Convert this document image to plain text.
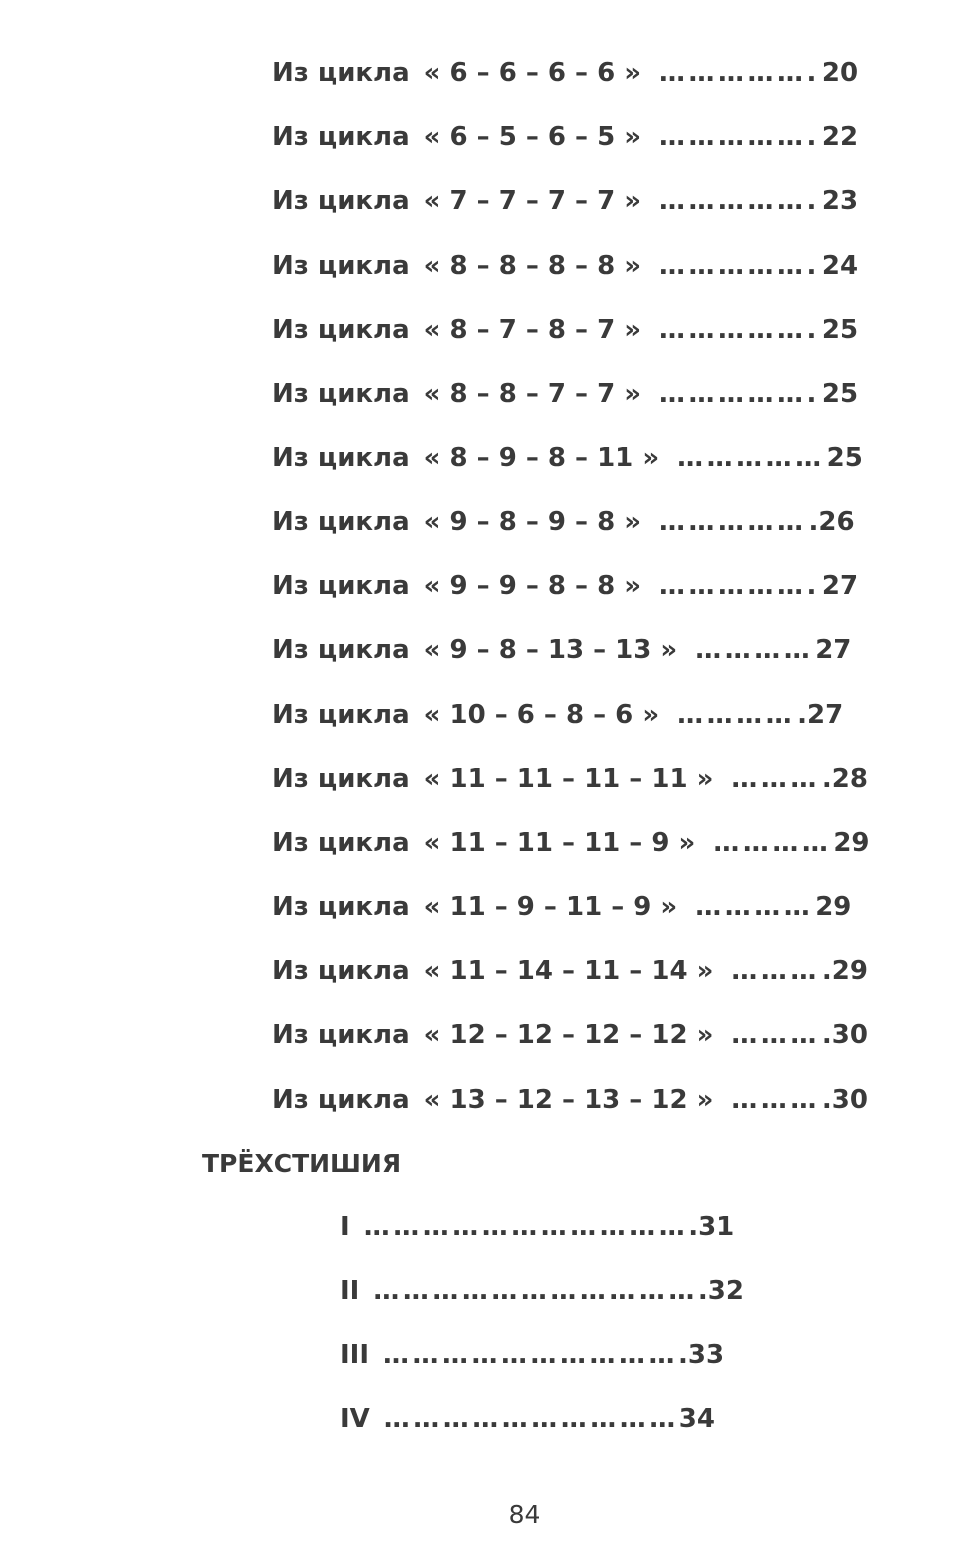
Из цикла « 6 – 6 – 6 – 6 » ……………. 20
Из цикла « 6 – 5 – 6 – 5 » ……………. 22
Из цикла « 7 – 7 – 7 – 7 » ……………. 23
Из цикла « 8 – 8 – 8 – 8 » ……………. 24
Из цикла « 8 – 7 – 8 – 7 » ……………. 25
Из цикла « 8 – 8 – 7 – 7 » ……………. 25
Из цикла « 8 – 9 – 8 – 11 » …………… 25
Из цикла « 9 – 8 – 9 – 8 » …………… .26
Из цикла « 9 – 9 – 8 – 8 » ……………. 27
Из цикла « 9 – 8 – 13 – 13 » ………… 27
Из цикла « 10 – 6 – 8 – 6 » ………… .27
Из цикла « 11 – 11 – 11 – 11 » ……… .28
Из цикла « 11 – 11 – 11 – 9 » ………… 29
Из цикла « 11 – 9 – 11 – 9 » ………… 29
Из цикла « 11 – 14 – 11 – 14 » ……… .29
Из цикла « 12 – 12 – 12 – 12 » ……… .30
Из цикла « 13 – 12 – 13 – 12 » ……… .30
ТРЁХСТИШИЯ
I …………………………… .31
II …………………………… .32
III ………………………… .33
IV ………………………… 34
84
